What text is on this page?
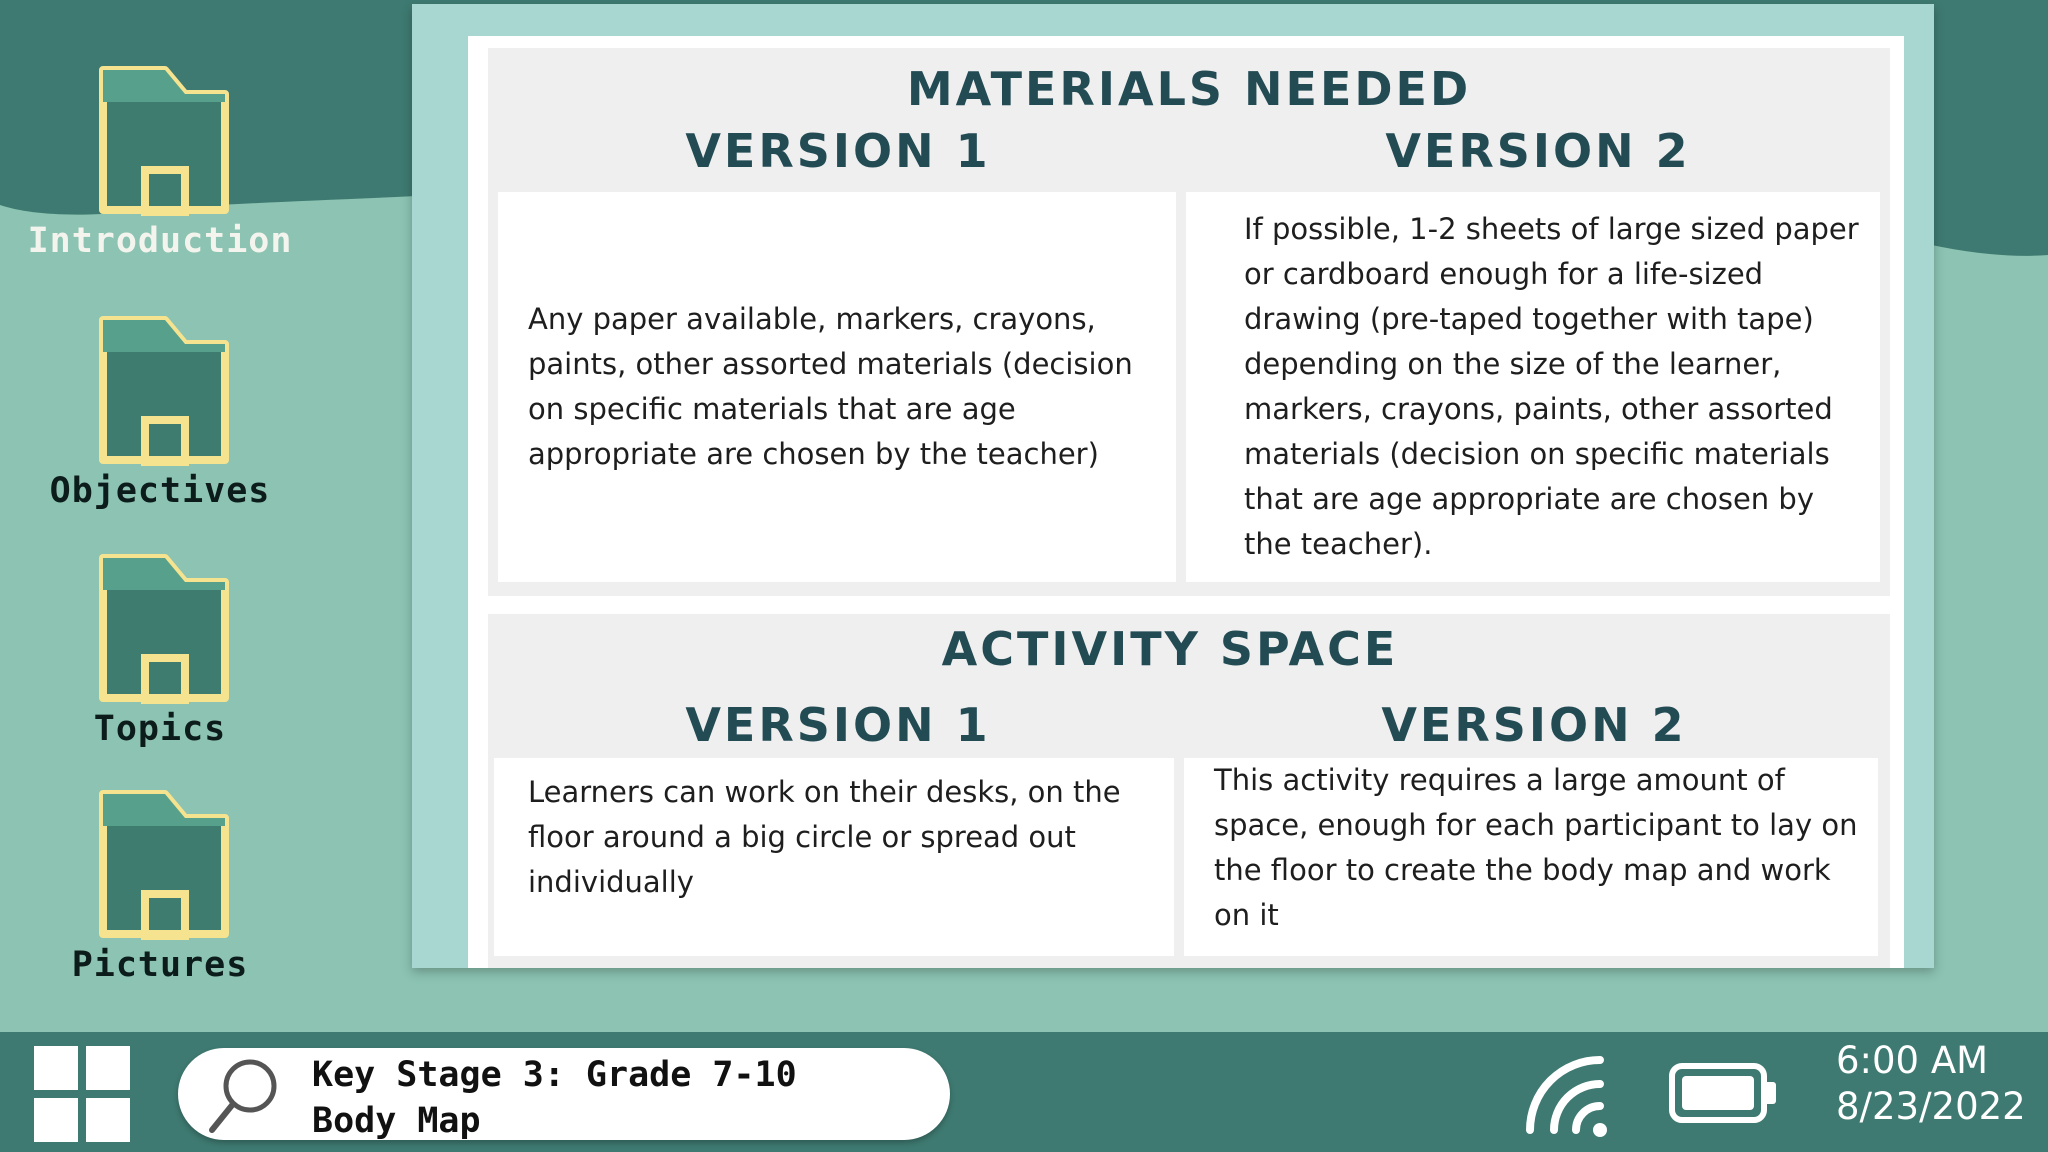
Introduction
Objectives
Topics
Pictures
MATERIALS NEEDED
VERSION 1	VERSION 2
Any paper available, markers, crayons, paints, other assorted materials (decision on specific materials that are age appropriate are chosen by the teacher)
If possible, 1-2 sheets of large sized paper or cardboard enough for a life-sized drawing (pre-taped together with tape) depending on the size of the learner, markers, crayons, paints, other assorted materials (decision on specific materials that are age appropriate are chosen by the teacher).
ACTIVITY SPACE
VERSION 1	VERSION 2
Learners can work on their desks, on the floor around a big circle or spread out individually
This activity requires a large amount of space, enough for each participant to lay on the floor to create the body map and work on it
Key Stage 3: Grade 7-10
Body Map
6:00 AM
8/23/2022
